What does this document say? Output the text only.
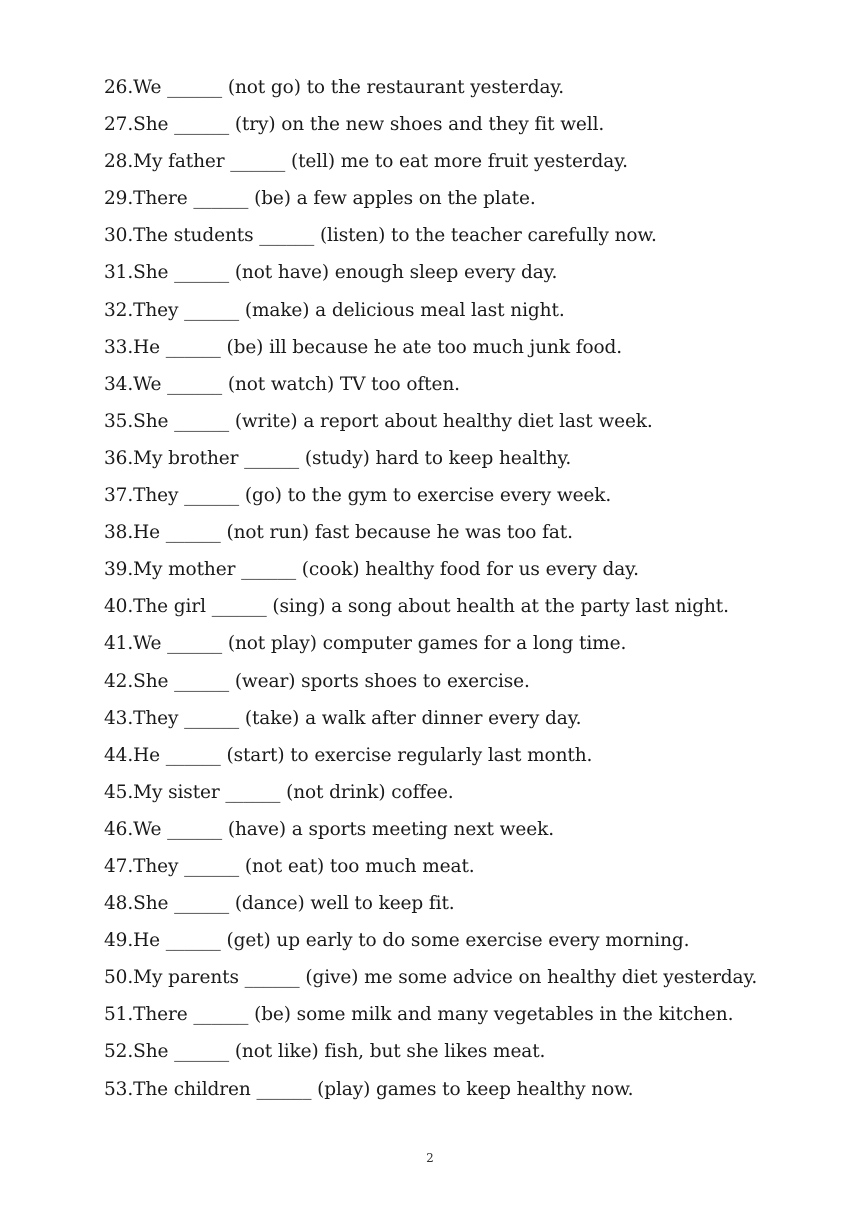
26.We ______ (not go) to the restaurant yesterday.
27.She ______ (try) on the new shoes and they fit well.
28.My father ______ (tell) me to eat more fruit yesterday.
29.There ______ (be) a few apples on the plate.
30.The students ______ (listen) to the teacher carefully now.
31.She ______ (not have) enough sleep every day.
32.They ______ (make) a delicious meal last night.
33.He ______ (be) ill because he ate too much junk food.
34.We ______ (not watch) TV too often.
35.She ______ (write) a report about healthy diet last week.
36.My brother ______ (study) hard to keep healthy.
37.They ______ (go) to the gym to exercise every week.
38.He ______ (not run) fast because he was too fat.
39.My mother ______ (cook) healthy food for us every day.
40.The girl ______ (sing) a song about health at the party last night.
41.We ______ (not play) computer games for a long time.
42.She ______ (wear) sports shoes to exercise.
43.They ______ (take) a walk after dinner every day.
44.He ______ (start) to exercise regularly last month.
45.My sister ______ (not drink) coffee.
46.We ______ (have) a sports meeting next week.
47.They ______ (not eat) too much meat.
48.She ______ (dance) well to keep fit.
49.He ______ (get) up early to do some exercise every morning.
50.My parents ______ (give) me some advice on healthy diet yesterday.
51.There ______ (be) some milk and many vegetables in the kitchen.
52.She ______ (not like) fish, but she likes meat.
53.The children ______ (play) games to keep healthy now.
2
